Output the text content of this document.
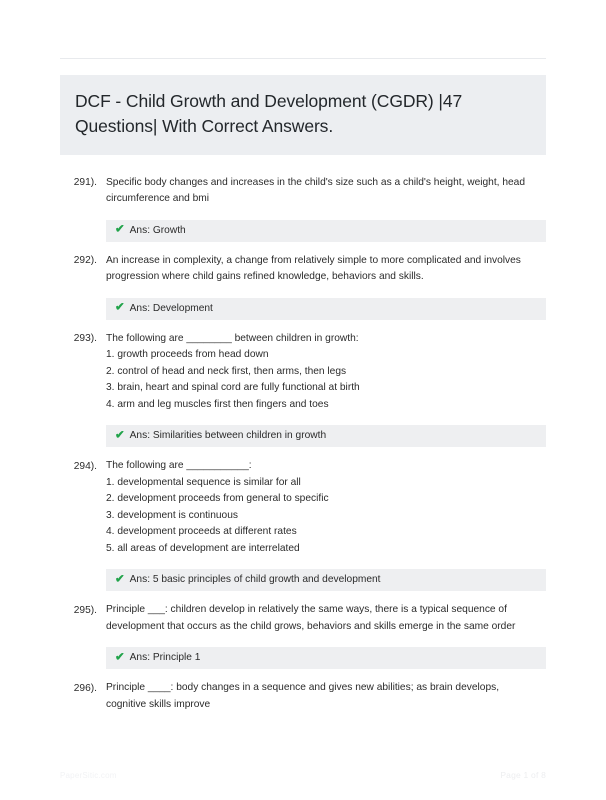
DCF - Child Growth and Development (CGDR) |47 Questions| With Correct Answers.
291). Specific body changes and increases in the child's size such as a child's height, weight, head circumference and bmi

✔ Ans: Growth
292). An increase in complexity, a change from relatively simple to more complicated and involves progression where child gains refined knowledge, behaviors and skills.

✔ Ans: Development
293). The following are ________ between children in growth:

1. growth proceeds from head down
2. control of head and neck first, then arms, then legs
3. brain, heart and spinal cord are fully functional at birth
4. arm and leg muscles first then fingers and toes
✔ Ans: Similarities between children in growth
294). The following are ___________:

1. developmental sequence is similar for all
2. development proceeds from general to specific
3. development is continuous
4. development proceeds at different rates
5. all areas of development are interrelated
✔ Ans: 5 basic principles of child growth and development
295). Principle ___: children develop in relatively the same ways, there is a typical sequence of development that occurs as the child grows, behaviors and skills emerge in the same order

✔ Ans: Principle 1
296). Principle ____: body changes in a sequence and gives new abilities; as brain develops, cognitive skills improve

PaperSitic.com	Page 1 of 8
